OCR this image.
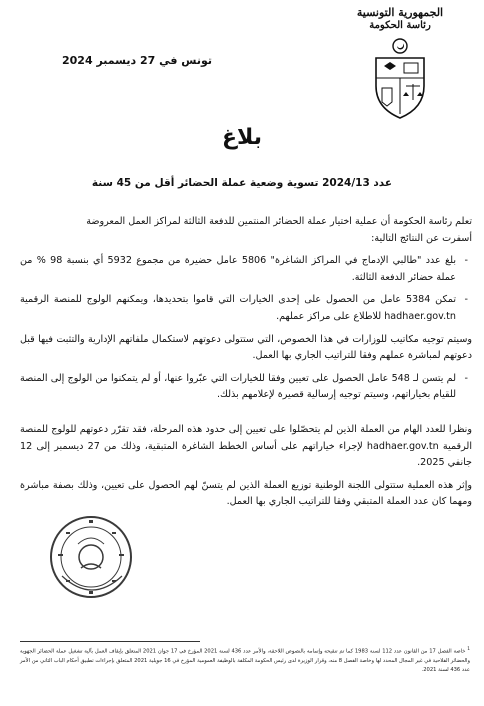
الجمهورية التونسية
رئاسة الحكومة
تونس في 27 ديسمبر 2024
بلاغ
عدد 2024/13 تسوية وضعية عملة الحضائر أقل من 45 سنة

تعلم رئاسة الحكومة أن عملية اختيار عملة الحضائر المنتمين للدفعة الثالثة لمراكز العمل المعروضة

أسفرت عن النتائج التالية:

- بلغ عدد "طالبي الإدماج في المراكز الشاغرة" 5806 عامل حضيرة من مجموع 5932 أي بنسبة 98 % من عملة حضائر الدفعة الثالثة.
- تمكن 5384 عامل من الحصول على إحدى الخيارات التي قاموا بتحديدها، ويمكنهم الولوج للمنصة الرقمية hadhaer.gov.tn للاطلاع على مراكز عملهم.

وسيتم توجيه مكاتيب للوزارات في هذا الخصوص، التي ستتولى دعوتهم لاستكمال ملفاتهم الإدارية والتثبت فيها قبل دعوتهم لمباشرة عملهم وفقا للتراتيب الجاري بها العمل.

- لم يتسن لـ 548 عامل الحصول على تعيين وفقا للخيارات التي عبّروا عنها، أو لم يتمكنوا من الولوج إلى المنصة للقيام بخياراتهم، وسيتم توجيه إرسالية قصيرة لإعلامهم بذلك.

ونظرا للعدد الهام من العملة الذين لم يتحصّلوا على تعيين إلى حدود هذه المرحلة، فقد تقرّر دعوتهم للولوج للمنصة الرقمية hadhaer.gov.tn لإجراء خياراتهم على أساس الخطط الشاغرة المتبقية، وذلك من 27 ديسمبر إلى 12 جانفي 2025.

وإثر هذه العملية ستتولى اللجنة الوطنية توزيع العملة الذين لم يتسنّ لهم الحصول على تعيين، وذلك بصفة مباشرة ومهما كان عدد العملة المتبقي وفقا للتراتيب الجاري بها العمل.

$^1$ خاصة الفصل 17 من القانون عدد 112 لسنة 1983 كما تم تنقيحه وإتمامه بالنصوص اللاحقة، والأمر عدد 436 لسنة 2021 المؤرخ في 17 جوان 2021 المتعلق بإيقاف العمل بآلية تشغيل عملة الحضائر الجهوية والحضائر الفلاحية في غير المجال المحدد لها وخاصة الفصل 8 منه، وقرار الوزيرة لدى رئيس الحكومة المكلفة بالوظيفة العمومية المؤرخ في 16 جويلية 2021 المتعلق بإجراءات تطبيق أحكام الباب الثاني من الأمر عدد 436 لسنة 2021.
